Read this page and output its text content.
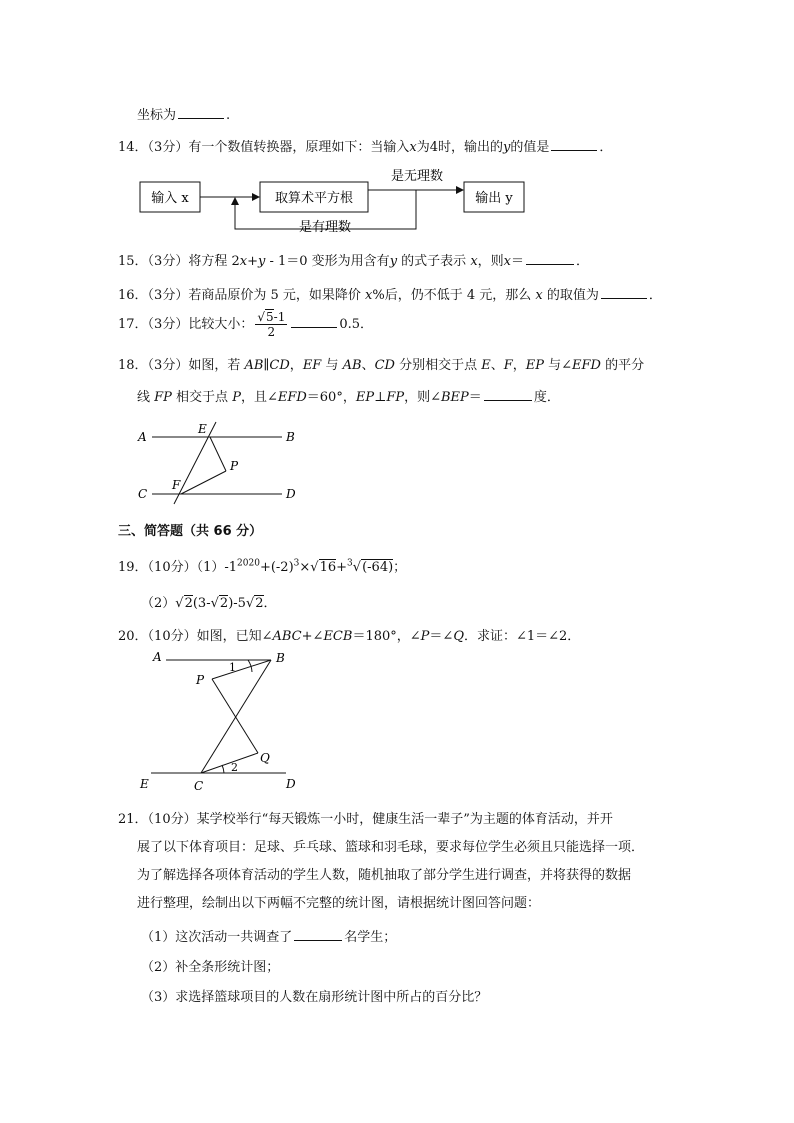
坐标为	.
14．（3分）有一个数值转换器，原理如下：当输入x为4时，输出的y的值是	．
输入 x	取算术平方根	输出 y
是无理数
是有理数
15．（3分）将方程 2x+y - 1＝0 变形为用含有y 的式子表示 x，则x＝	．
16．（3分）若商品原价为 5 元，如果降价 x%后，仍不低于 4 元，那么 x 的取值为	．
17．（3分）比较大小： $\frac{√5-1}{2}$	0.5．
18．（3分）如图，若 AB∥CD，EF 与 AB、CD 分别相交于点 E、F，EP 与∠EFD 的平分
线 FP 相交于点 P，且∠EFD＝60°，EP⊥FP，则∠BEP＝	度．
A	B
C	D
E
F
P
三、简答题（共 66 分）
19．（10分）$(1)-1^{2020}+(-2)^3\times√16+^3√(-64)$；
（2）√2(3-√2)-5√2．
20．（10分）如图，已知∠ABC+∠ECB＝180°，∠P＝∠Q．求证：∠1＝∠2．
A	B
P
Q
E	C	D
1
2
21．（10分）某学校举行“每天锻炼一小时，健康生活一辈子”为主题的体育活动，并开
展了以下体育项目：足球、乒乓球、篮球和羽毛球，要求每位学生必须且只能选择一项．
为了解选择各项体育活动的学生人数，随机抽取了部分学生进行调查，并将获得的数据
进行整理，绘制出以下两幅不完整的统计图，请根据统计图回答问题：
（1）这次活动一共调查了	名学生；
（2）补全条形统计图；
（3）求选择篮球项目的人数在扇形统计图中所占的百分比？
